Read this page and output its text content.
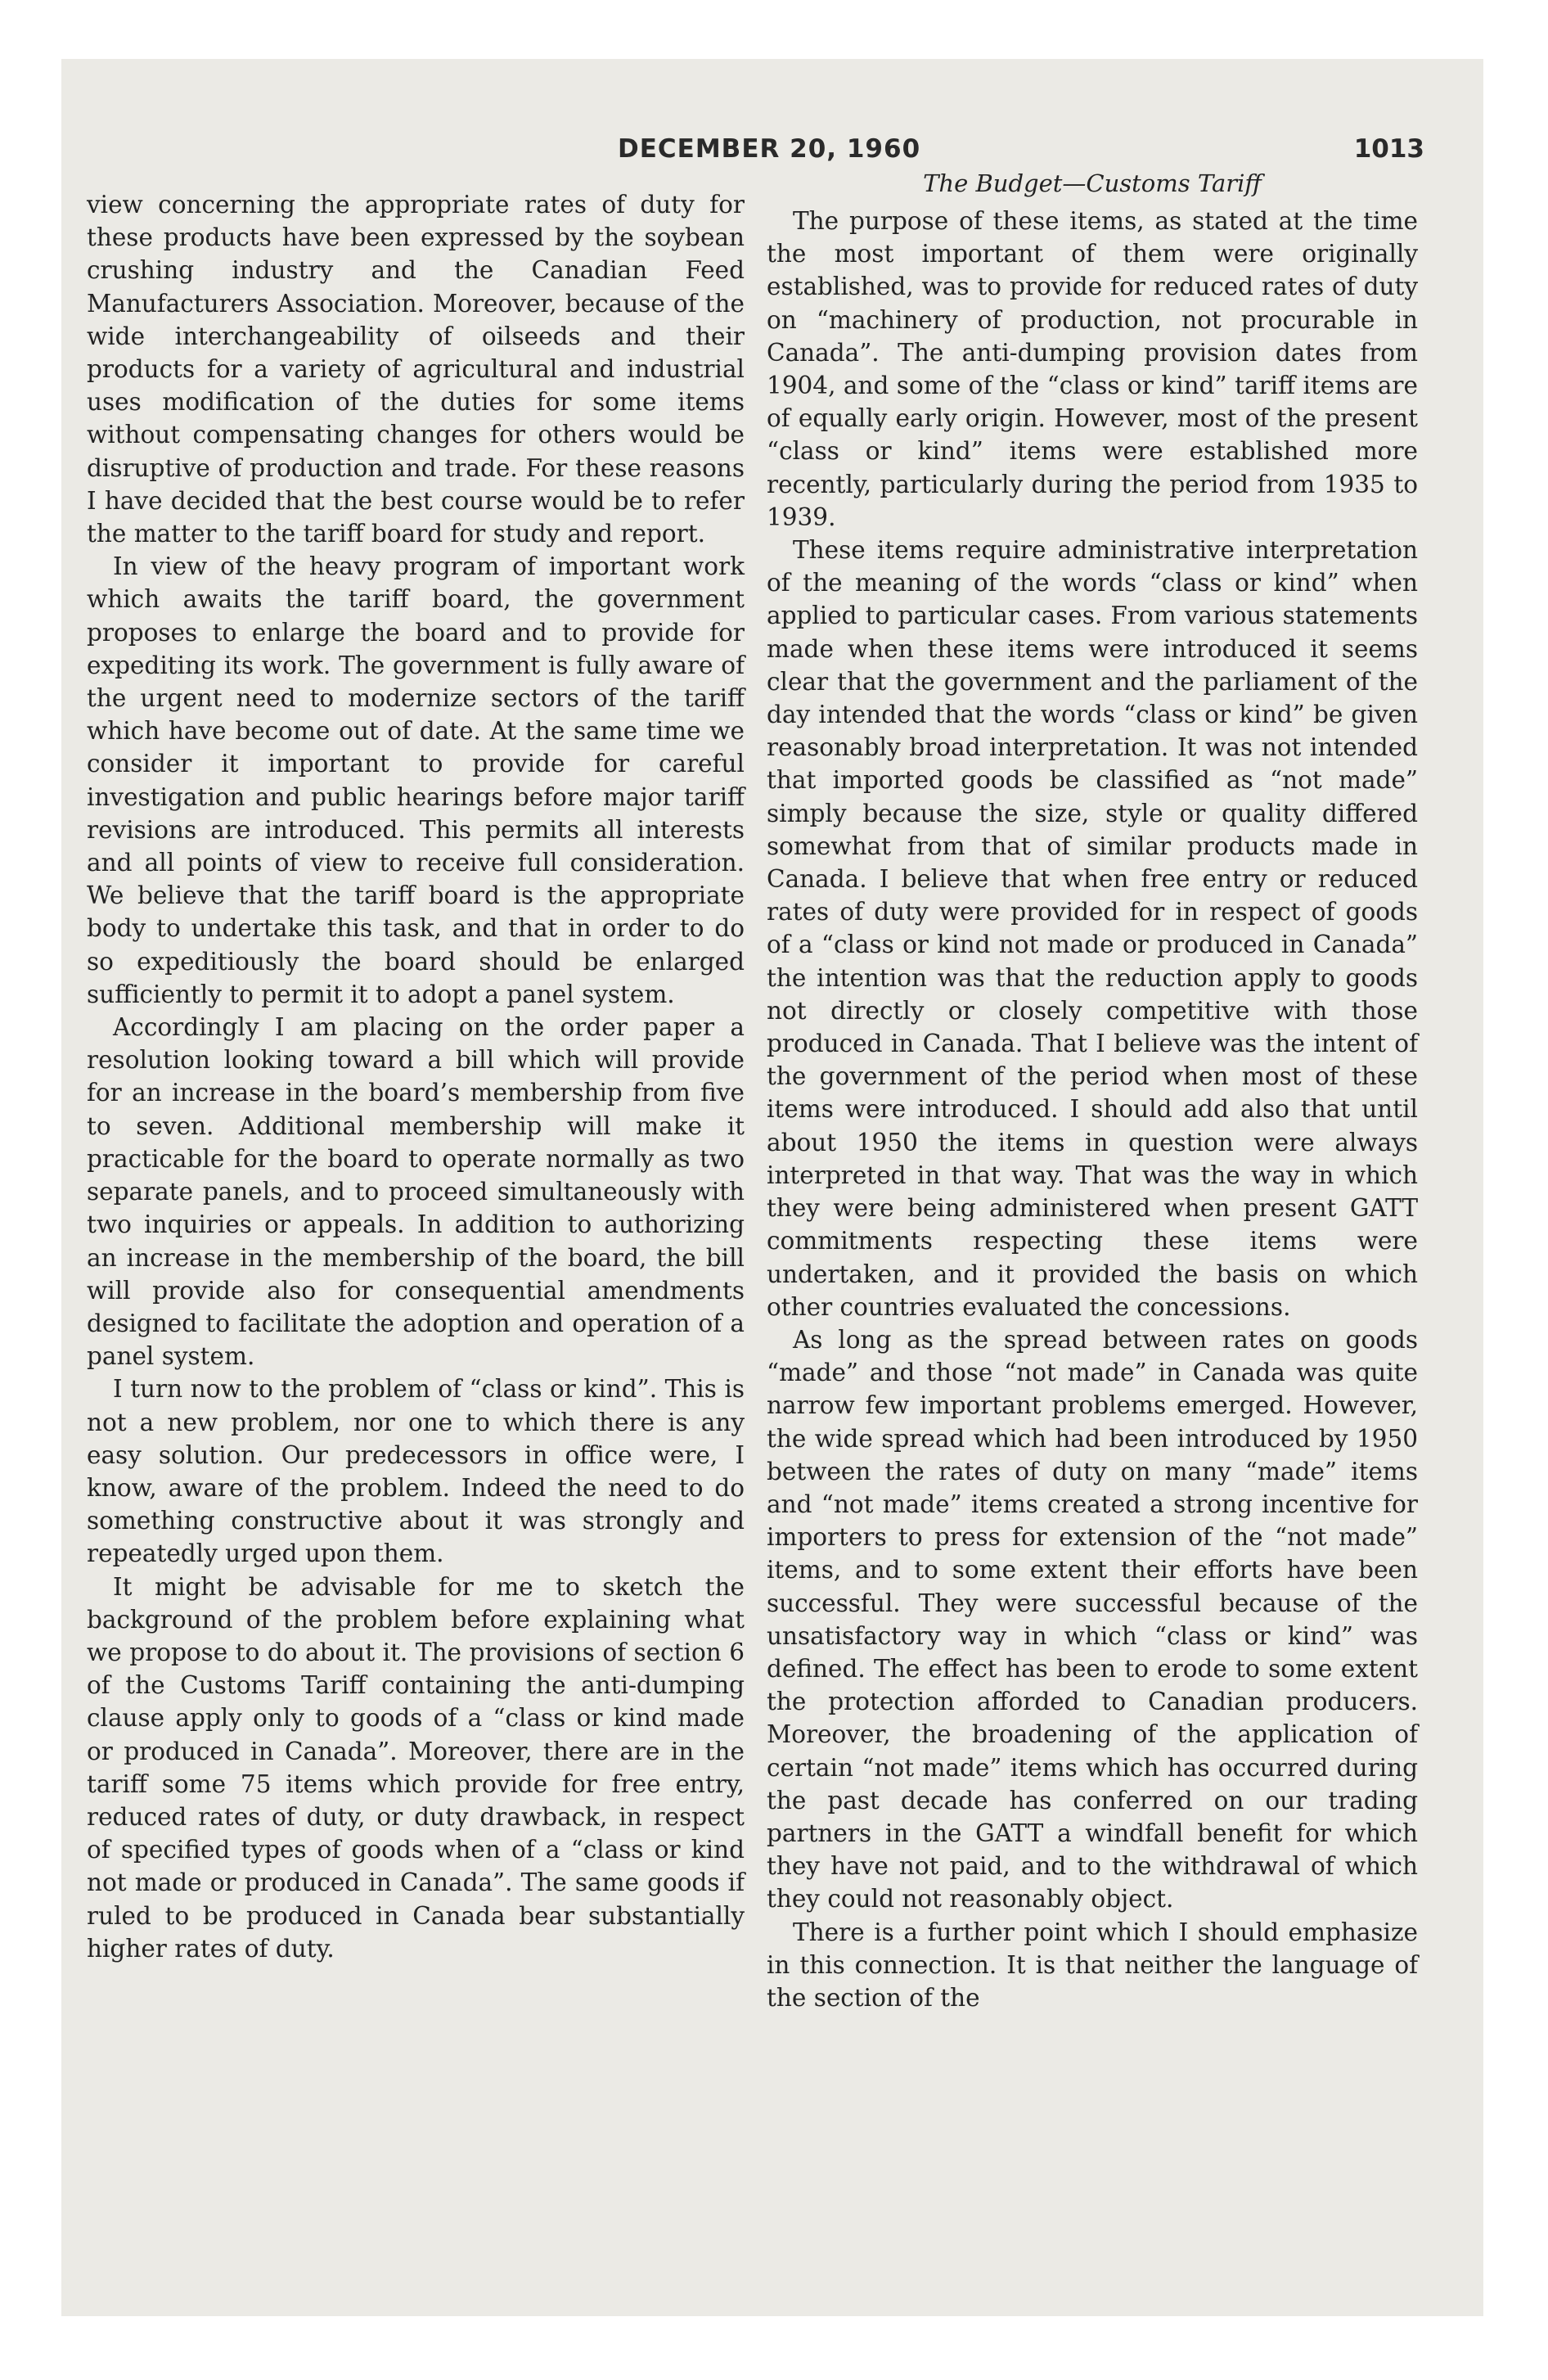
DECEMBER 20, 1960	1013

view concerning the appropriate rates of duty for these products have been expressed by the soybean crushing industry and the Canadian Feed Manufacturers Association. Moreover, because of the wide interchangeability of oilseeds and their products for a variety of agricultural and industrial uses modification of the duties for some items without compensating changes for others would be disruptive of production and trade. For these reasons I have decided that the best course would be to refer the matter to the tariff board for study and report.

In view of the heavy program of important work which awaits the tariff board, the government proposes to enlarge the board and to provide for expediting its work. The government is fully aware of the urgent need to modernize sectors of the tariff which have become out of date. At the same time we consider it important to provide for careful investigation and public hearings before major tariff revisions are introduced. This permits all interests and all points of view to receive full consideration. We believe that the tariff board is the appropriate body to undertake this task, and that in order to do so expeditiously the board should be enlarged sufficiently to permit it to adopt a panel system.

Accordingly I am placing on the order paper a resolution looking toward a bill which will provide for an increase in the board’s membership from five to seven. Additional membership will make it practicable for the board to operate normally as two separate panels, and to proceed simultaneously with two inquiries or appeals. In addition to authorizing an increase in the membership of the board, the bill will provide also for consequential amendments designed to facilitate the adoption and operation of a panel system.

I turn now to the problem of “class or kind”. This is not a new problem, nor one to which there is any easy solution. Our predecessors in office were, I know, aware of the problem. Indeed the need to do something constructive about it was strongly and repeatedly urged upon them.

It might be advisable for me to sketch the background of the problem before explaining what we propose to do about it. The provisions of section 6 of the Customs Tariff containing the anti-dumping clause apply only to goods of a “class or kind made or produced in Canada”. Moreover, there are in the tariff some 75 items which provide for free entry, reduced rates of duty, or duty drawback, in respect of specified types of goods when of a “class or kind not made or produced in Canada”. The same goods if ruled to be produced in Canada bear substantially higher rates of duty.

The Budget—Customs Tariff

The purpose of these items, as stated at the time the most important of them were originally established, was to provide for reduced rates of duty on “machinery of production, not procurable in Canada”. The anti-dumping provision dates from 1904, and some of the “class or kind” tariff items are of equally early origin. However, most of the present “class or kind” items were established more recently, particularly during the period from 1935 to 1939.

These items require administrative interpretation of the meaning of the words “class or kind” when applied to particular cases. From various statements made when these items were introduced it seems clear that the government and the parliament of the day intended that the words “class or kind” be given reasonably broad interpretation. It was not intended that imported goods be classified as “not made” simply because the size, style or quality differed somewhat from that of similar products made in Canada. I believe that when free entry or reduced rates of duty were provided for in respect of goods of a “class or kind not made or produced in Canada” the intention was that the reduction apply to goods not directly or closely competitive with those produced in Canada. That I believe was the intent of the government of the period when most of these items were introduced. I should add also that until about 1950 the items in question were always interpreted in that way. That was the way in which they were being administered when present GATT commitments respecting these items were undertaken, and it provided the basis on which other countries evaluated the concessions.

As long as the spread between rates on goods “made” and those “not made” in Canada was quite narrow few important problems emerged. However, the wide spread which had been introduced by 1950 between the rates of duty on many “made” items and “not made” items created a strong incentive for importers to press for extension of the “not made” items, and to some extent their efforts have been successful. They were successful because of the unsatisfactory way in which “class or kind” was defined. The effect has been to erode to some extent the protection afforded to Canadian producers. Moreover, the broadening of the application of certain “not made” items which has occurred during the past decade has conferred on our trading partners in the GATT a windfall benefit for which they have not paid, and to the withdrawal of which they could not reasonably object.

There is a further point which I should emphasize in this connection. It is that neither the language of the section of the
